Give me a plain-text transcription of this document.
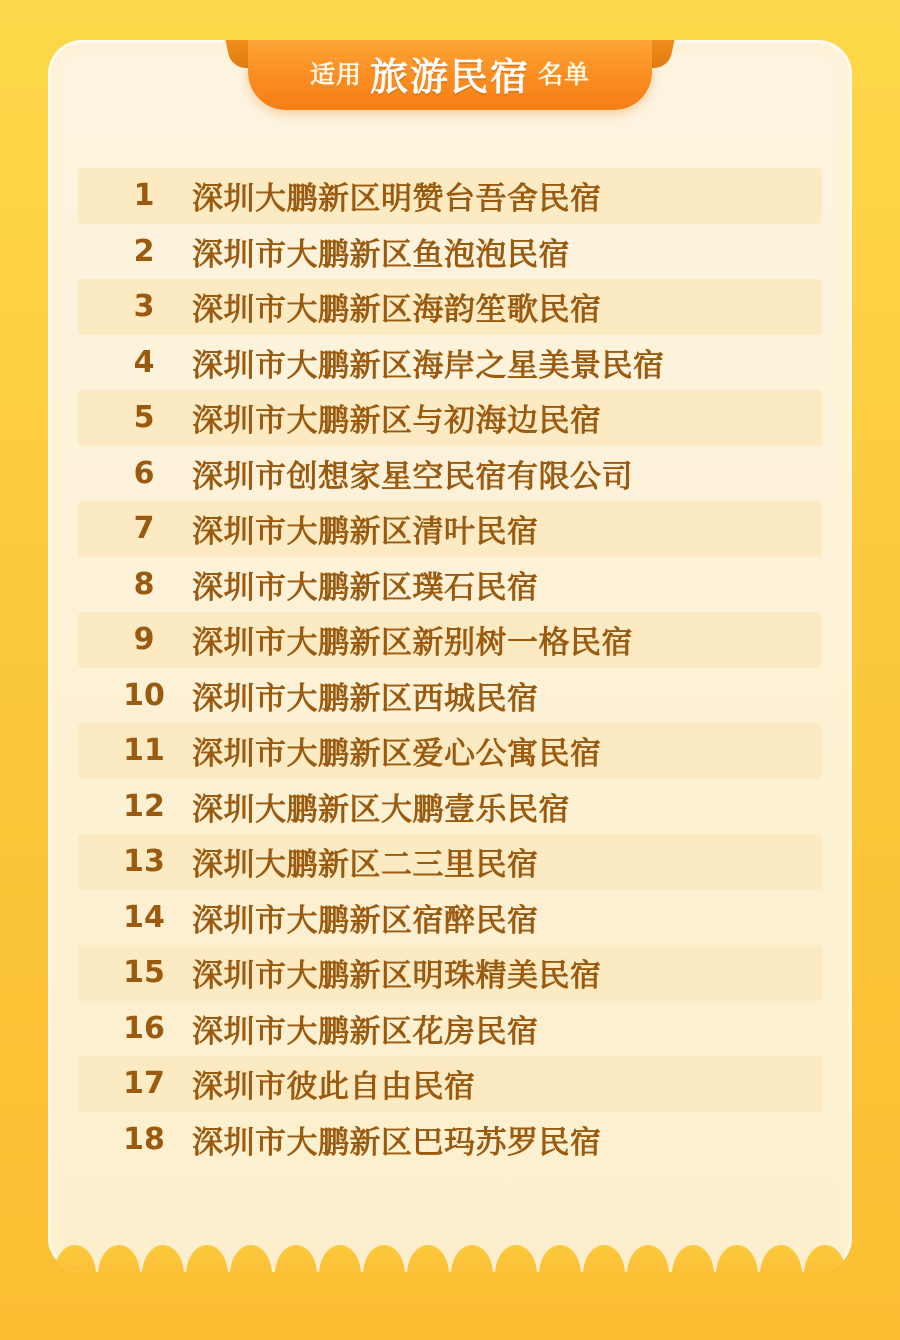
适用 旅游民宿 名单
1	深圳大鹏新区明赞台吾舍民宿
2	深圳市大鹏新区鱼泡泡民宿
3	深圳市大鹏新区海韵笙歌民宿
4	深圳市大鹏新区海岸之星美景民宿
5	深圳市大鹏新区与初海边民宿
6	深圳市创想家星空民宿有限公司
7	深圳市大鹏新区清叶民宿
8	深圳市大鹏新区璞石民宿
9	深圳市大鹏新区新别树一格民宿
10 深圳市大鹏新区西城民宿
11 深圳市大鹏新区爱心公寓民宿
12 深圳大鹏新区大鹏壹乐民宿
13 深圳大鹏新区二三里民宿
14 深圳市大鹏新区宿醉民宿
15 深圳市大鹏新区明珠精美民宿
16 深圳市大鹏新区花房民宿
17 深圳市彼此自由民宿
18 深圳市大鹏新区巴玛苏罗民宿
